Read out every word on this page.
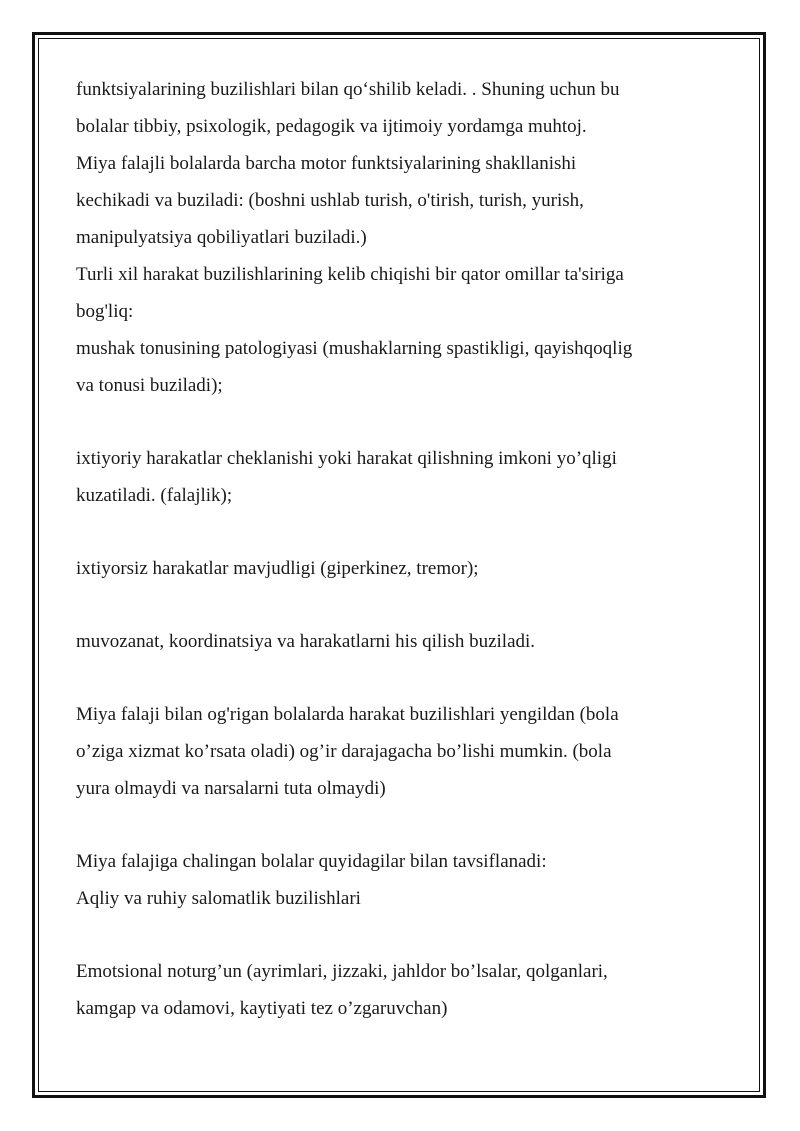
funktsiyalarining buzilishlari bilan qo‘shilib keladi. . Shuning uchun bu
bolalar tibbiy, psixologik, pedagogik va ijtimoiy yordamga muhtoj.
Miya falajli bolalarda barcha motor funktsiyalarining shakllanishi
kechikadi va buziladi: (boshni ushlab turish, o'tirish, turish, yurish,
manipulyatsiya qobiliyatlari buziladi.)
Turli xil harakat buzilishlarining kelib chiqishi bir qator omillar ta'siriga
bog'liq:
mushak tonusining patologiyasi (mushaklarning spastikligi, qayishqoqlig
va tonusi buziladi);
ixtiyoriy harakatlar cheklanishi yoki harakat qilishning imkoni yo’qligi
kuzatiladi. (falajlik);
ixtiyorsiz harakatlar mavjudligi (giperkinez, tremor);
muvozanat, koordinatsiya va harakatlarni his qilish buziladi.
Miya falaji bilan og'rigan bolalarda harakat buzilishlari yengildan (bola
o’ziga xizmat ko’rsata oladi) og’ir darajagacha bo’lishi mumkin. (bola
yura olmaydi va narsalarni tuta olmaydi)
Miya falajiga chalingan bolalar quyidagilar bilan tavsiflanadi:
Aqliy va ruhiy salomatlik buzilishlari
Emotsional noturg’un (ayrimlari, jizzaki, jahldor bo’lsalar, qolganlari,
kamgap va odamovi, kaytiyati tez o’zgaruvchan)
